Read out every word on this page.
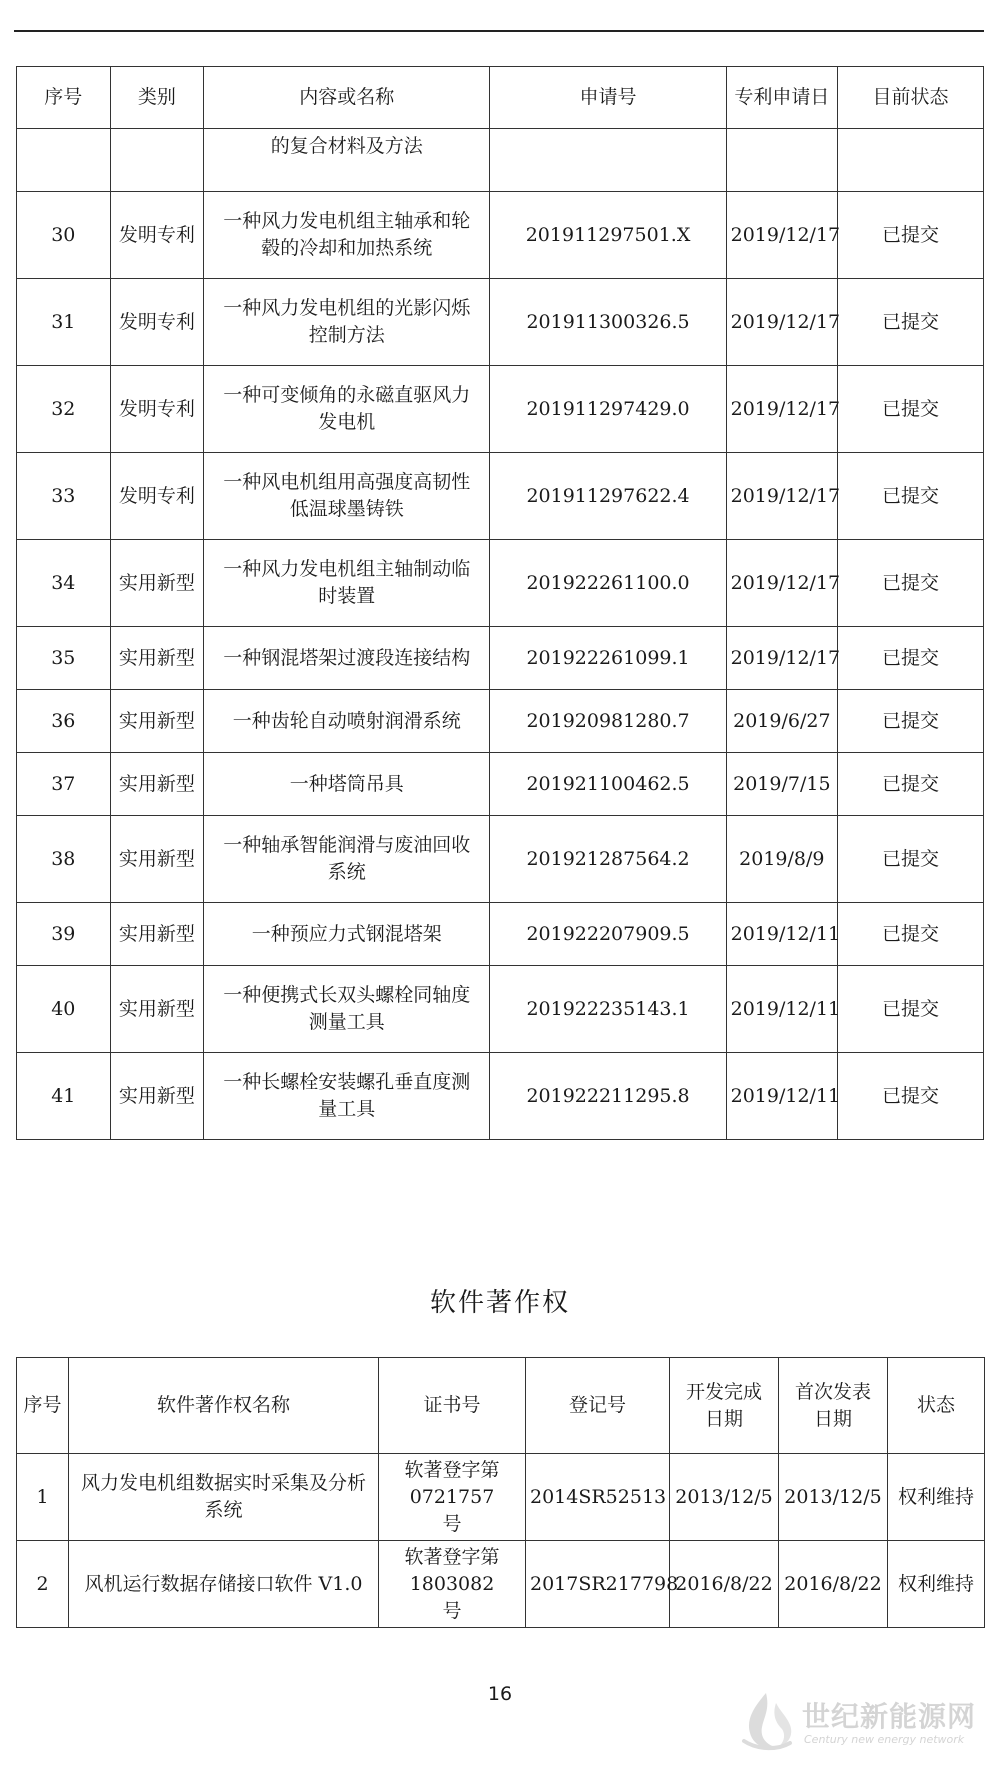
序号	类别	内容或名称	申请号	专利申请日	目前状态
		的复合材料及方法			
30	发明专利	一种风力发电机组主轴承和轮毂的冷却和加热系统	201911297501.X	2019/12/17	已提交
31	发明专利	一种风力发电机组的光影闪烁控制方法	201911300326.5	2019/12/17	已提交
32	发明专利	一种可变倾角的永磁直驱风力发电机	201911297429.0	2019/12/17	已提交
33	发明专利	一种风电机组用高强度高韧性低温球墨铸铁	201911297622.4	2019/12/17	已提交
34	实用新型	一种风力发电机组主轴制动临时装置	201922261100.0	2019/12/17	已提交
35	实用新型	一种钢混塔架过渡段连接结构	201922261099.1	2019/12/17	已提交
36	实用新型	一种齿轮自动喷射润滑系统	201920981280.7	2019/6/27	已提交
37	实用新型	一种塔筒吊具	201921100462.5	2019/7/15	已提交
38	实用新型	一种轴承智能润滑与废油回收系统	201921287564.2	2019/8/9	已提交
39	实用新型	一种预应力式钢混塔架	201922207909.5	2019/12/11	已提交
40	实用新型	一种便携式长双头螺栓同轴度测量工具	201922235143.1	2019/12/11	已提交
41	实用新型	一种长螺栓安装螺孔垂直度测量工具	201922211295.8	2019/12/11	已提交
软件著作权
序号	软件著作权名称	证书号	登记号	开发完成日期	首次发表日期	状态
1	风力发电机组数据实时采集及分析系统	软著登字第0721757号	2014SR52513	2013/12/5	2013/12/5	权利维持
2	风机运行数据存储接口软件 V1.0	软著登字第1803082号	2017SR217798	2016/8/22	2016/8/22	权利维持
16
世纪新能源网
Century new energy network
